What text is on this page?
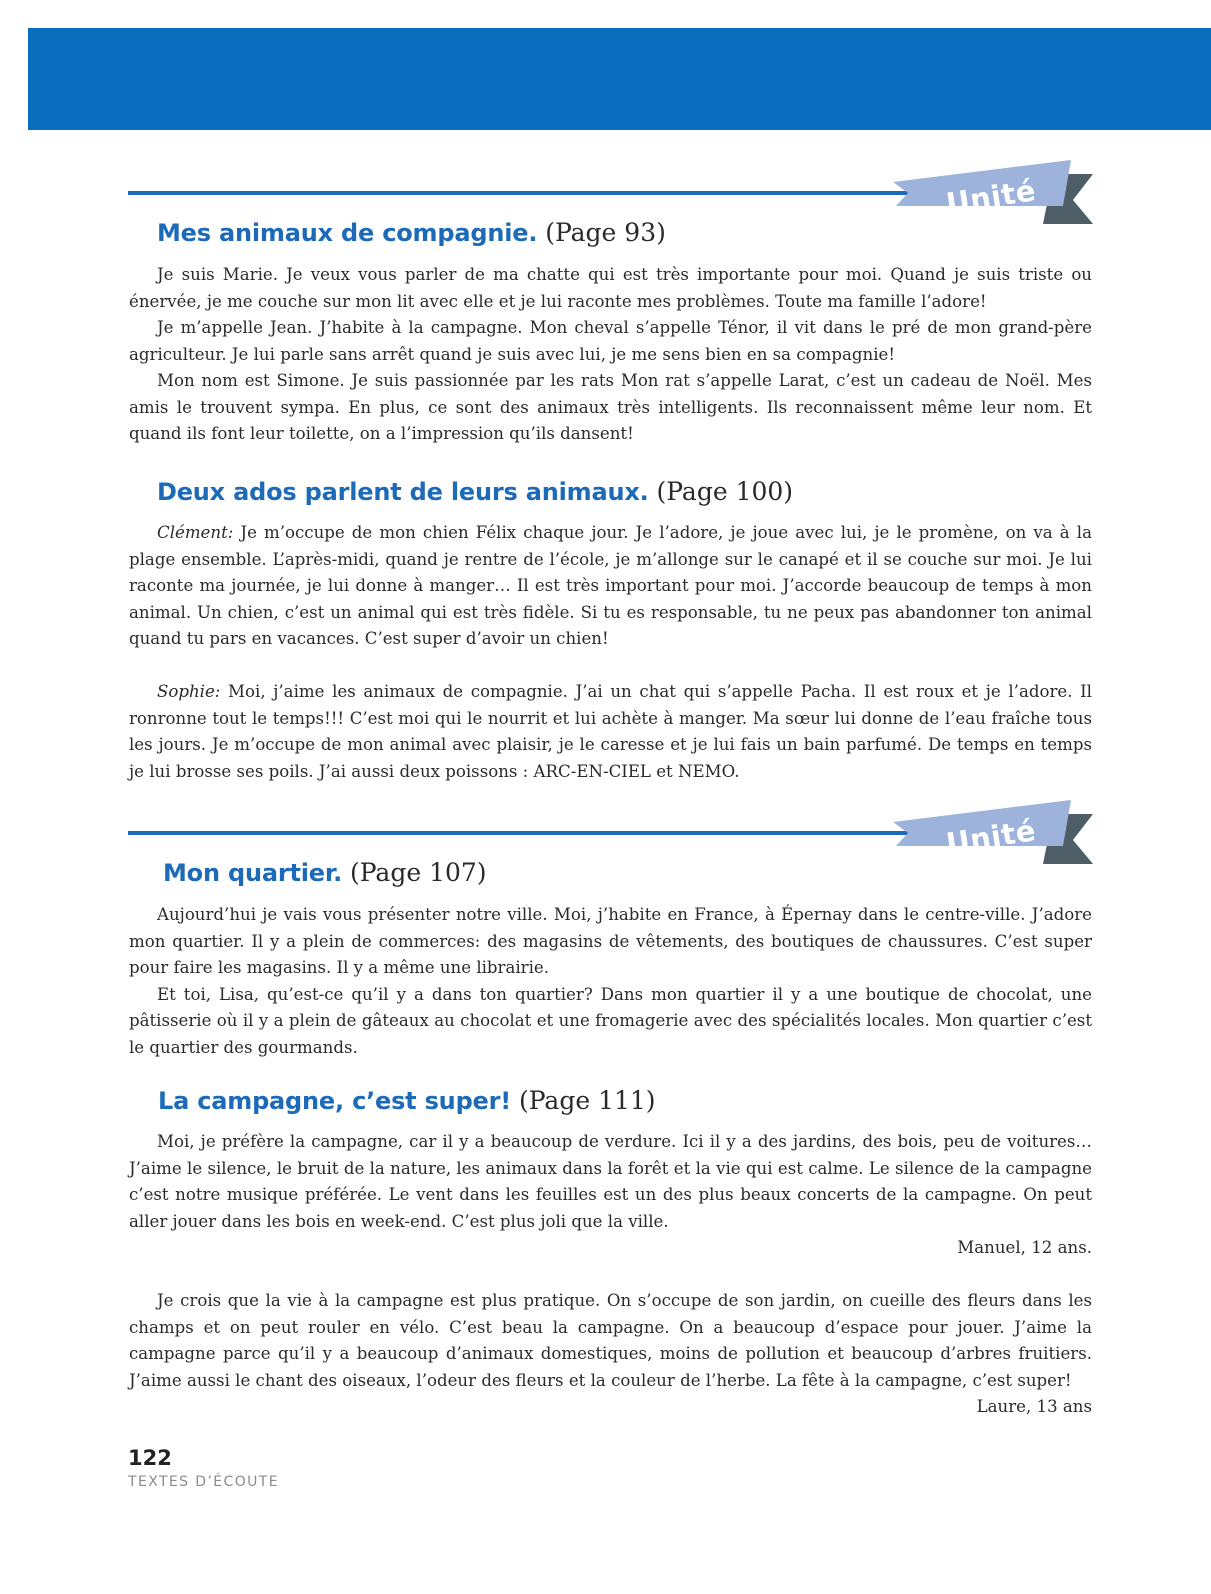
Unité 5
Mes animaux de compagnie. (Page 93)

Je suis Marie. Je veux vous parler de ma chatte qui est très importante pour moi. Quand je suis triste ou énervée, je me couche sur mon lit avec elle et je lui raconte mes problèmes. Toute ma famille l’adore!

Je m’appelle Jean. J’habite à la campagne. Mon cheval s’appelle Ténor, il vit dans le pré de mon grand-père agriculteur. Je lui parle sans arrêt quand je suis avec lui, je me sens bien en sa compagnie!

Mon nom est Simone. Je suis passionnée par les rats Mon rat s’appelle Larat, c’est un cadeau de Noël. Mes amis le trouvent sympa. En plus, ce sont des animaux très intelligents. Ils reconnaissent même leur nom. Et quand ils font leur toilette, on a l’impression qu’ils dansent!

Deux ados parlent de leurs animaux. (Page 100)

Clément: Je m’occupe de mon chien Félix chaque jour. Je l’adore, je joue avec lui, je le promène, on va à la plage ensemble. L’après-midi, quand je rentre de l’école, je m’allonge sur le canapé et il se couche sur moi. Je lui raconte ma journée, je lui donne à manger… Il est très important pour moi. J’accorde beaucoup de temps à mon animal. Un chien, c’est un animal qui est très fidèle. Si tu es responsable, tu ne peux pas abandonner ton animal quand tu pars en vacances. C’est super d’avoir un chien!

Sophie: Moi, j’aime les animaux de compagnie. J’ai un chat qui s’appelle Pacha. Il est roux et je l’adore. Il ronronne tout le temps!!! C’est moi qui le nourrit et lui achète à manger. Ma sœur lui donne de l’eau fraîche tous les jours. Je m’occupe de mon animal avec plaisir, je le caresse et je lui fais un bain parfumé. De temps en temps je lui brosse ses poils. J’ai aussi deux poissons : ARC-EN-CIEL et NEMO.

Unité 6
Mon quartier. (Page 107)

Aujourd’hui je vais vous présenter notre ville. Moi, j’habite en France, à Épernay dans le centre-ville. J’adore mon quartier. Il y a plein de commerces: des magasins de vêtements, des boutiques de chaussures. C’est super pour faire les magasins. Il y a même une librairie.

Et toi, Lisa, qu’est-ce qu’il y a dans ton quartier? Dans mon quartier il y a une boutique de chocolat, une pâtisserie où il y a plein de gâteaux au chocolat et une fromagerie avec des spécialités locales. Mon quartier c’est le quartier des gourmands.

La campagne, c’est super! (Page 111)

Moi, je préfère la campagne, car il y a beaucoup de verdure. Ici il y a des jardins, des bois, peu de voitures… J’aime le silence, le bruit de la nature, les animaux dans la forêt et la vie qui est calme. Le silence de la campagne c’est notre musique préférée. Le vent dans les feuilles est un des plus beaux concerts de la campagne. On peut aller jouer dans les bois en week-end. C’est plus joli que la ville.

Manuel, 12 ans.

Je crois que la vie à la campagne est plus pratique. On s’occupe de son jardin, on cueille des fleurs dans les champs et on peut rouler en vélo. C’est beau la campagne. On a beaucoup d’espace pour jouer. J’aime la campagne parce qu’il y a beaucoup d’animaux domestiques, moins de pollution et beaucoup d’arbres fruitiers. J’aime aussi le chant des oiseaux, l’odeur des fleurs et la couleur de l’herbe. La fête à la campagne, c’est super!

Laure, 13 ans

122
TEXTES D’ÉCOUTE
